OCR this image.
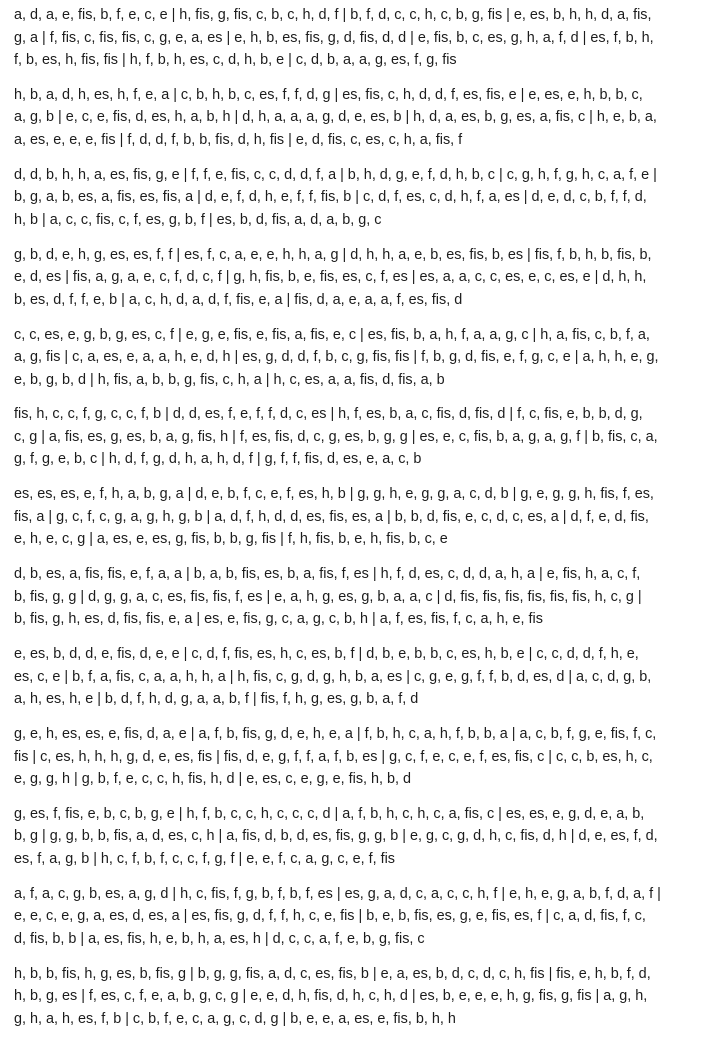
a, d, a, e, fis, b, f, e, c, e | h, fis, g, fis, c, b, c, h, d, f | b, f, d, c, c, h, c, b, g, fis | e, es, b, h, h, d, a, fis,
g, a | f, fis, c, fis, fis, c, g, e, a, es | e, h, b, es, fis, g, d, fis, d, d | e, fis, b, c, es, g, h, a, f, d | es, f, b, h,
f, b, es, h, fis, fis | h, f, b, h, es, c, d, h, b, e | c, d, b, a, a, g, es, f, g, fis

h, b, a, d, h, es, h, f, e, a | c, b, h, b, c, es, f, f, d, g | es, fis, c, h, d, d, f, es, fis, e | e, es, e, h, b, b, c,
a, g, b | e, c, e, fis, d, es, h, a, b, h | d, h, a, a, a, g, d, e, es, b | h, d, a, es, b, g, es, a, fis, c | h, e, b, a,
a, es, e, e, e, fis | f, d, d, f, b, b, fis, d, h, fis | e, d, fis, c, es, c, h, a, fis, f

d, d, b, h, h, a, es, fis, g, e | f, f, e, fis, c, c, d, d, f, a | b, h, d, g, e, f, d, h, b, c | c, g, h, f, g, h, c, a, f, e |
b, g, a, b, es, a, fis, es, fis, a | d, e, f, d, h, e, f, f, fis, b | c, d, f, es, c, d, h, f, a, es | d, e, d, c, b, f, f, d,
h, b | a, c, c, fis, c, f, es, g, b, f | es, b, d, fis, a, d, a, b, g, c

g, b, d, e, h, g, es, es, f, f | es, f, c, a, e, e, h, h, a, g | d, h, h, a, e, b, es, fis, b, es | fis, f, b, h, b, fis, b,
e, d, es | fis, a, g, a, e, c, f, d, c, f | g, h, fis, b, e, fis, es, c, f, es | es, a, a, c, c, es, e, c, es, e | d, h, h,
b, es, d, f, f, e, b | a, c, h, d, a, d, f, fis, e, a | fis, d, a, e, a, a, f, es, fis, d

c, c, es, e, g, b, g, es, c, f | e, g, e, fis, e, fis, a, fis, e, c | es, fis, b, a, h, f, a, a, g, c | h, a, fis, c, b, f, a,
a, g, fis | c, a, es, e, a, a, h, e, d, h | es, g, d, d, f, b, c, g, fis, fis | f, b, g, d, fis, e, f, g, c, e | a, h, h, e, g,
e, b, g, b, d | h, fis, a, b, b, g, fis, c, h, a | h, c, es, a, a, fis, d, fis, a, b

fis, h, c, c, f, g, c, c, f, b | d, d, es, f, e, f, f, d, c, es | h, f, es, b, a, c, fis, d, fis, d | f, c, fis, e, b, b, d, g,
c, g | a, fis, es, g, es, b, a, g, fis, h | f, es, fis, d, c, g, es, b, g, g | es, e, c, fis, b, a, g, a, g, f | b, fis, c, a,
g, f, g, e, b, c | h, d, f, g, d, h, a, h, d, f | g, f, f, fis, d, es, e, a, c, b

es, es, es, e, f, h, a, b, g, a | d, e, b, f, c, e, f, es, h, b | g, g, h, e, g, g, a, c, d, b | g, e, g, g, h, fis, f, es,
fis, a | g, c, f, c, g, a, g, h, g, b | a, d, f, h, d, d, es, fis, es, a | b, b, d, fis, e, c, d, c, es, a | d, f, e, d, fis,
e, h, e, c, g | a, es, e, es, g, fis, b, b, g, fis | f, h, fis, b, e, h, fis, b, c, e

d, b, es, a, fis, fis, e, f, a, a | b, a, b, fis, es, b, a, fis, f, es | h, f, d, es, c, d, d, a, h, a | e, fis, h, a, c, f,
b, fis, g, g | d, g, g, a, c, es, fis, fis, f, es | e, a, h, g, es, g, b, a, a, c | d, fis, fis, fis, fis, fis, fis, h, c, g |
b, fis, g, h, es, d, fis, fis, e, a | es, e, fis, g, c, a, g, c, b, h | a, f, es, fis, f, c, a, h, e, fis

e, es, b, d, d, e, fis, d, e, e | c, d, f, fis, es, h, c, es, b, f | d, b, e, b, b, c, es, h, b, e | c, c, d, d, f, h, e,
es, c, e | b, f, a, fis, c, a, a, h, h, a | h, fis, c, g, d, g, h, b, a, es | c, g, e, g, f, f, b, d, es, d | a, c, d, g, b,
a, h, es, h, e | b, d, f, h, d, g, a, a, b, f | fis, f, h, g, es, g, b, a, f, d

g, e, h, es, es, e, fis, d, a, e | a, f, b, fis, g, d, e, h, e, a | f, b, h, c, a, h, f, b, b, a | a, c, b, f, g, e, fis, f, c,
fis | c, es, h, h, h, g, d, e, es, fis | fis, d, e, g, f, f, a, f, b, es | g, c, f, e, c, e, f, es, fis, c | c, c, b, es, h, c,
e, g, g, h | g, b, f, e, c, c, h, fis, h, d | e, es, c, e, g, e, fis, h, b, d

g, es, f, fis, e, b, c, b, g, e | h, f, b, c, c, h, c, c, c, d | a, f, b, h, c, h, c, a, fis, c | es, es, e, g, d, e, a, b,
b, g | g, g, b, b, fis, a, d, es, c, h | a, fis, d, b, d, es, fis, g, g, b | e, g, c, g, d, h, c, fis, d, h | d, e, es, f, d,
es, f, a, g, b | h, c, f, b, f, c, c, f, g, f | e, e, f, c, a, g, c, e, f, fis

a, f, a, c, g, b, es, a, g, d | h, c, fis, f, g, b, f, b, f, es | es, g, a, d, c, a, c, c, h, f | e, h, e, g, a, b, f, d, a, f |
e, e, c, e, g, a, es, d, es, a | es, fis, g, d, f, f, h, c, e, fis | b, e, b, fis, es, g, e, fis, es, f | c, a, d, fis, f, c,
d, fis, b, b | a, es, fis, h, e, b, h, a, es, h | d, c, c, a, f, e, b, g, fis, c

h, b, b, fis, h, g, es, b, fis, g | b, g, g, fis, a, d, c, es, fis, b | e, a, es, b, d, c, d, c, h, fis | fis, e, h, b, f, d,
h, b, g, es | f, es, c, f, e, a, b, g, c, g | e, e, d, h, fis, d, h, c, h, d | es, b, e, e, e, h, g, fis, g, fis | a, g, h,
g, h, a, h, es, f, b | c, b, f, e, c, a, g, c, d, g | b, e, e, a, es, e, fis, b, h, h
